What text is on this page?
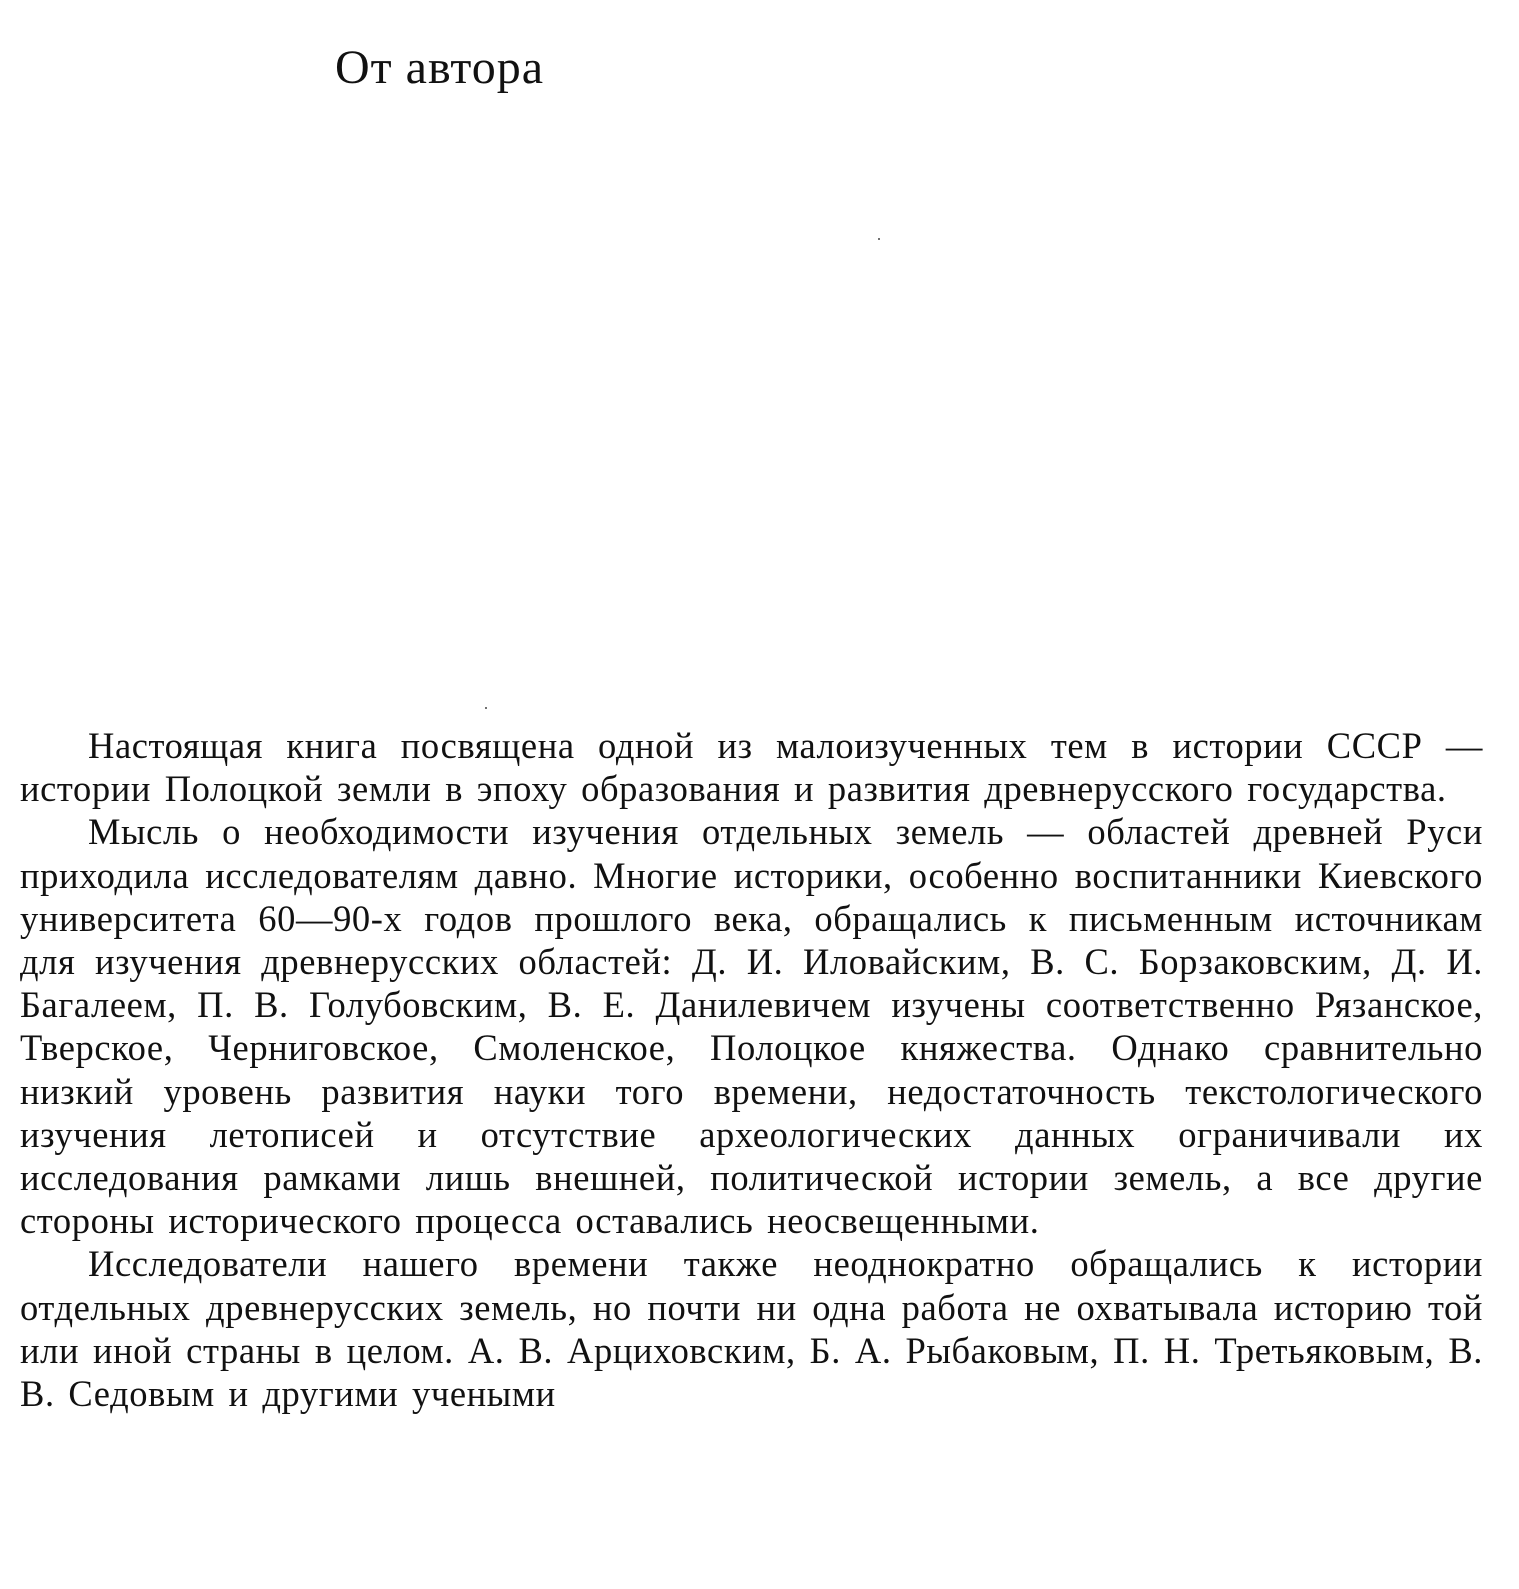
От автора

Настоящая книга посвящена одной из малоизученных тем в истории СССР — истории Полоцкой земли в эпоху образования и развития древнерусского государства.

Мысль о необходимости изучения отдельных земель — областей древней Руси приходила исследователям давно. Многие историки, особенно воспитанники Киевского университета 60—90-х годов прошлого века, обращались к письменным источникам для изучения древнерусских областей: Д. И. Иловайским, В. С. Борзаковским, Д. И. Багалеем, П. В. Голубовским, В. Е. Данилевичем изучены соответственно Рязанское, Тверское, Черниговское, Смоленское, Полоцкое княжества. Однако сравнительно низкий уровень развития науки того времени, недостаточность текстологического изучения летописей и отсутствие археологических данных ограничивали их исследования рамками лишь внешней, политической истории земель, а все другие стороны исторического процесса оставались неосвещенными.

Исследователи нашего времени также неоднократно обращались к истории отдельных древнерусских земель, но почти ни одна работа не охватывала историю той или иной страны в целом. А. В. Арциховским, Б. А. Рыбаковым, П. Н. Третьяковым, В. В. Седовым и другими учеными
